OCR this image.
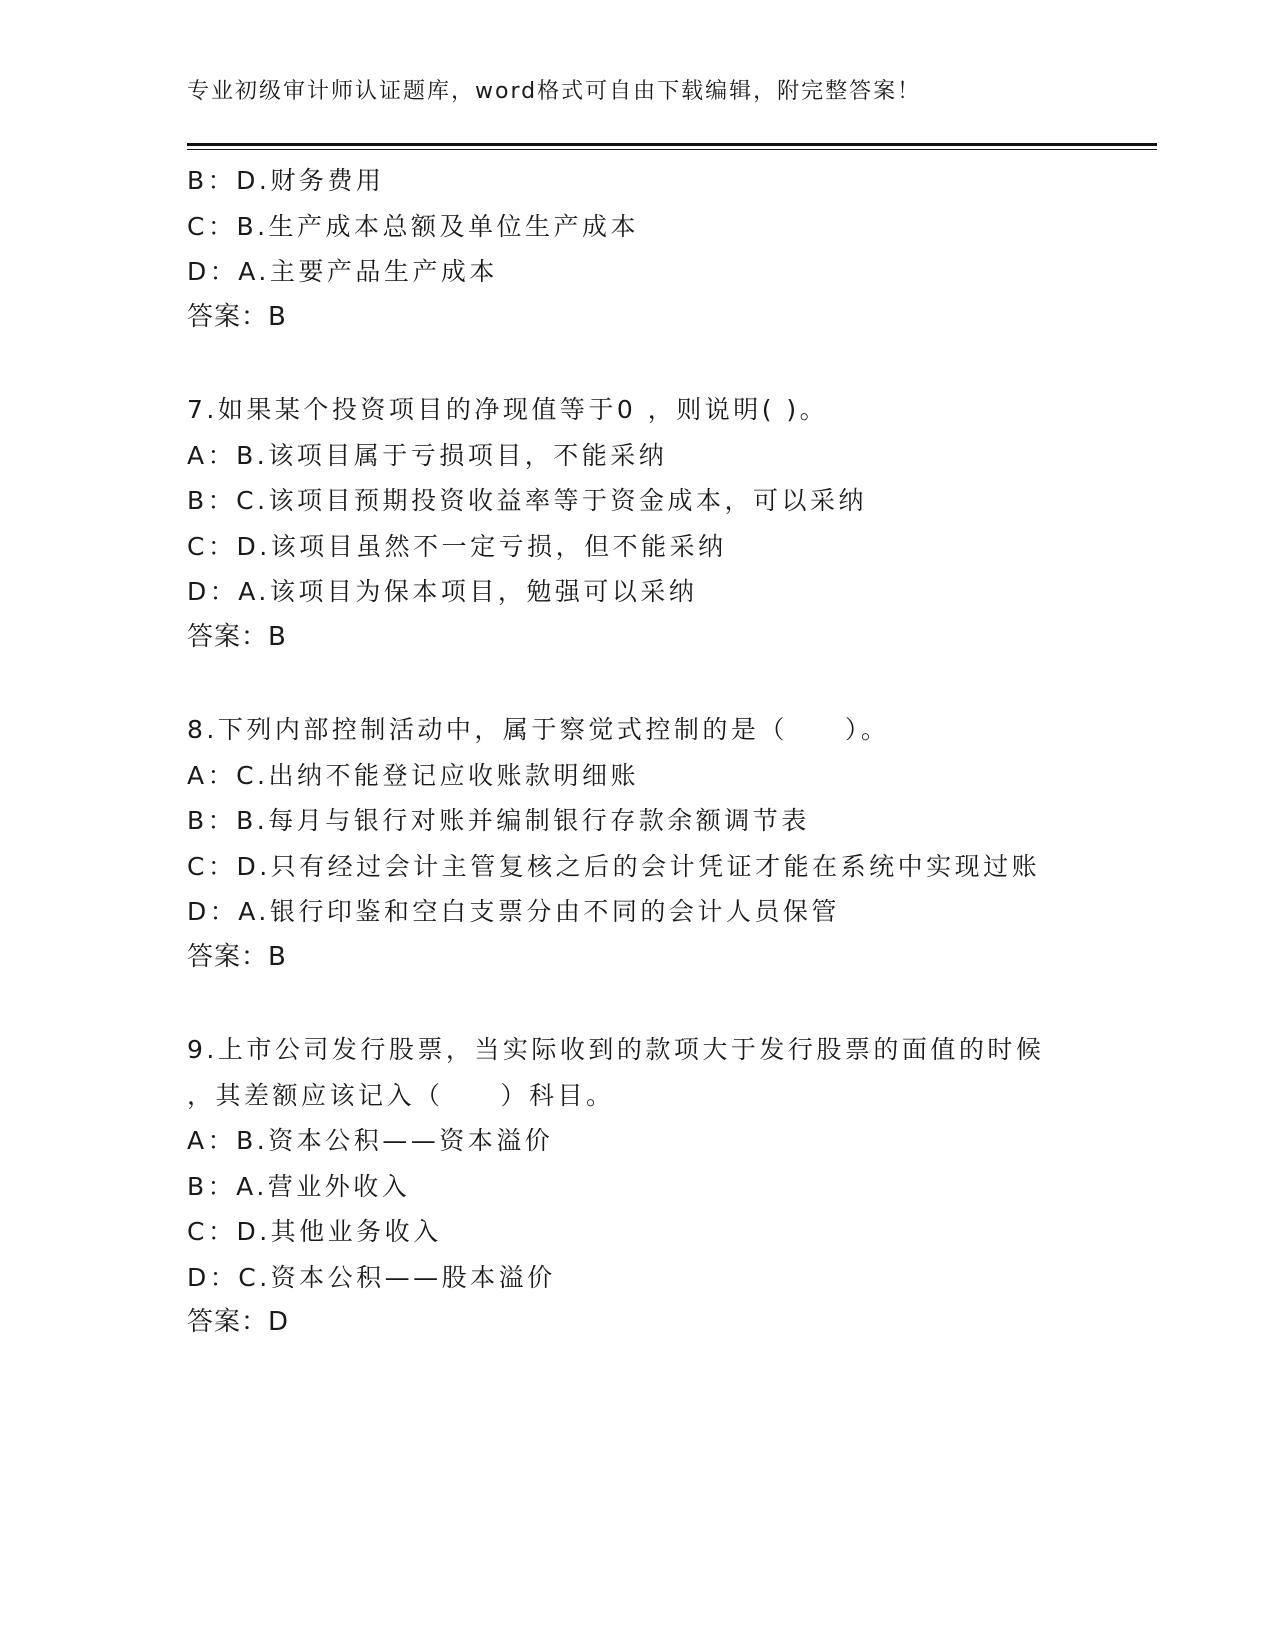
专业初级审计师认证题库，word格式可自由下载编辑，附完整答案！
B：D.财务费用
C：B.生产成本总额及单位生产成本
D：A.主要产品生产成本
答案：B
7.如果某个投资项目的净现值等于0 ，则说明( )。
A：B.该项目属于亏损项目，不能采纳
B：C.该项目预期投资收益率等于资金成本，可以采纳
C：D.该项目虽然不一定亏损，但不能采纳
D：A.该项目为保本项目，勉强可以采纳
答案：B
8.下列内部控制活动中，属于察觉式控制的是（　　）。
A：C.出纳不能登记应收账款明细账
B：B.每月与银行对账并编制银行存款余额调节表
C：D.只有经过会计主管复核之后的会计凭证才能在系统中实现过账
D：A.银行印鉴和空白支票分由不同的会计人员保管
答案：B
9.上市公司发行股票，当实际收到的款项大于发行股票的面值的时候
，其差额应该记入（　　）科目。
A：B.资本公积——资本溢价
B：A.营业外收入
C：D.其他业务收入
D：C.资本公积——股本溢价
答案：D
